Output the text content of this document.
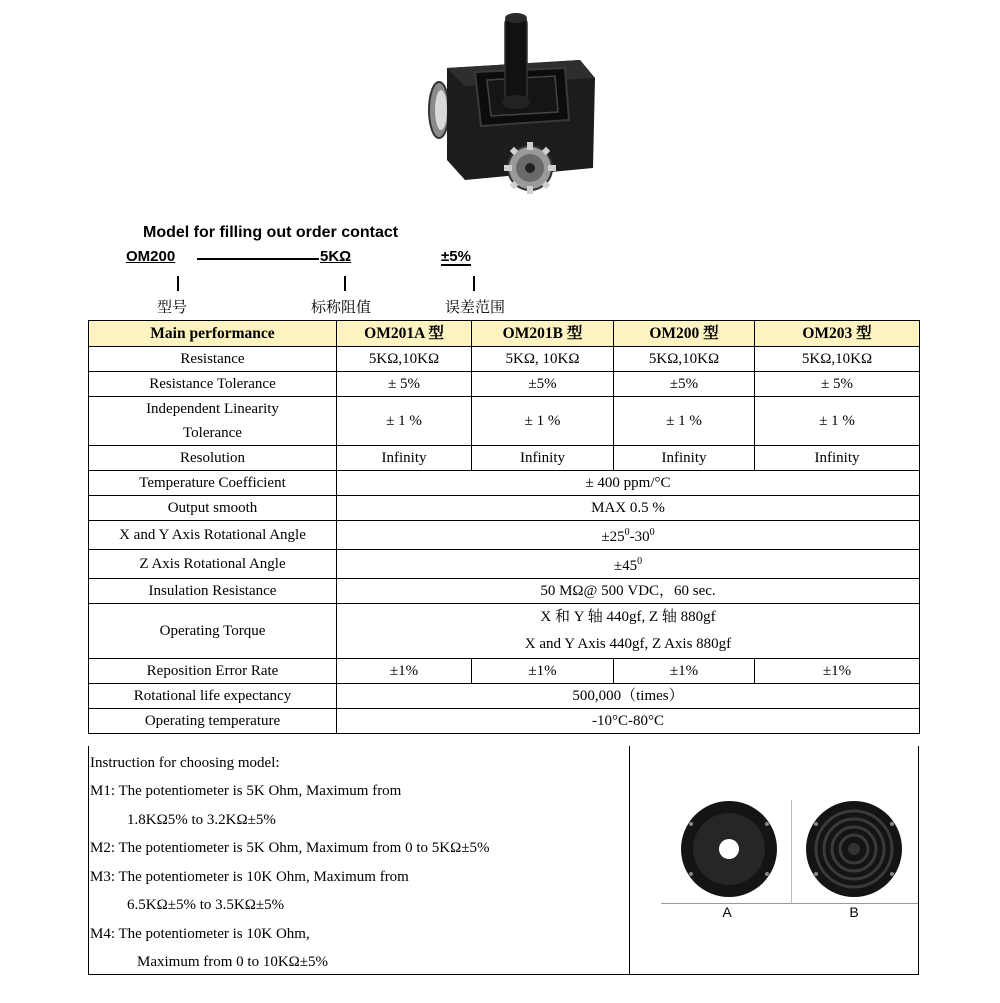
Model for filling out order contact
OM200	5KΩ	±5%
型号	标称阻值	误差范围
Main performance	OM201A 型	OM201B 型	OM200 型	OM203 型
Resistance	5KΩ,10KΩ	5KΩ, 10KΩ	5KΩ,10KΩ	5KΩ,10KΩ
Resistance Tolerance	± 5%	±5%	±5%	± 5%

Independent Linearity
Tolerance	± 1 %	± 1 %	± 1 %	± 1 %
Resolution	Infinity	Infinity	Infinity	Infinity
Temperature Coefficient	± 400 ppm/°C			
Output smooth	MAX 0.5 %			
X and Y Axis Rotational Angle	$\pm 25^0-30^0$
Z Axis Rotational Angle	$\pm 45^0$
Insulation Resistance	50 MΩ@ 500 VDC，60 sec.			
Operating Torque	X 和 Y 轴 440gf, Z 轴 880gf
X and Y Axis 440gf, Z Axis 880gf			

Reposition Error Rate	±1%	±1%	±1%	±1%
Rotational life expectancy	500,000（times）			
Operating temperature	-10°C-80°C			
Instruction for choosing model:
M1: The potentiometer is 5K Ohm, Maximum from
1.8KΩ5% to 3.2KΩ±5%
M2: The potentiometer is 5K Ohm, Maximum from 0 to 5KΩ±5%
M3: The potentiometer is 10K Ohm, Maximum from
6.5KΩ±5% to 3.5KΩ±5%
M4: The potentiometer is 10K Ohm,
Maximum from 0 to 10KΩ±5%
A	B
